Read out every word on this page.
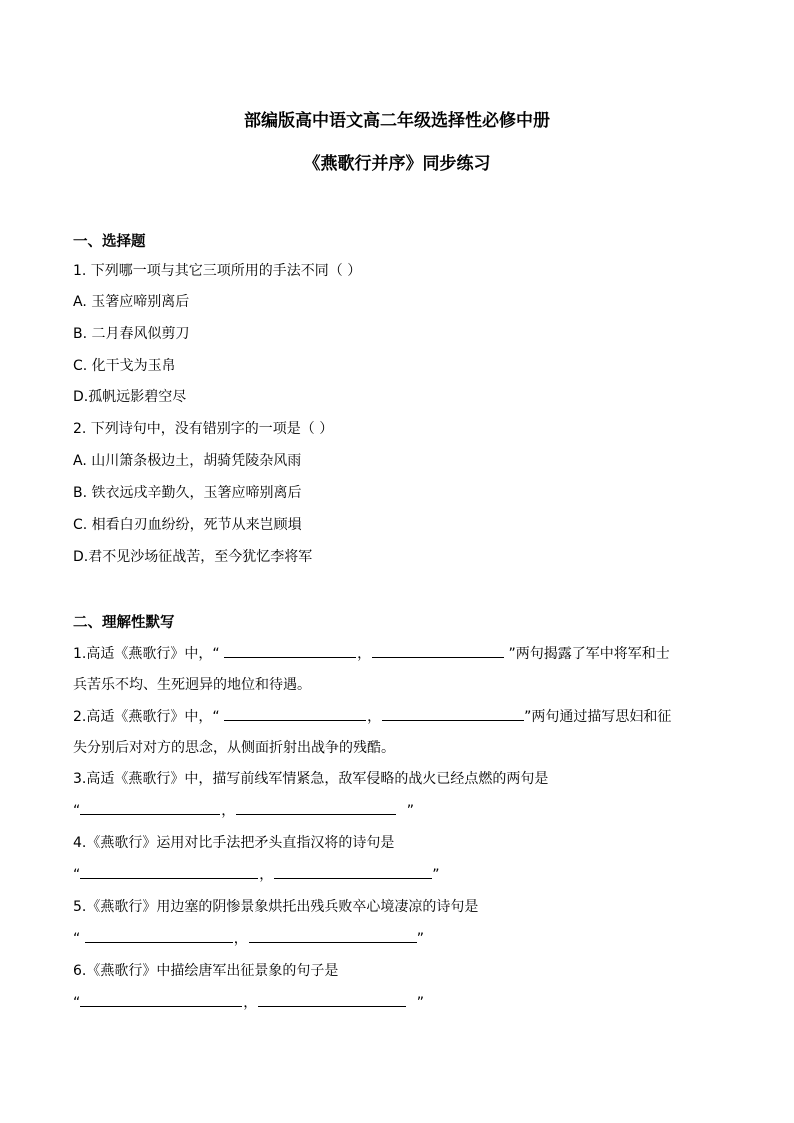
部编版高中语文高二年级选择性必修中册
《燕歌行并序》同步练习
一、选择题
1. 下列哪一项与其它三项所用的手法不同（ ）
A. 玉箸应啼别离后
B. 二月春风似剪刀
C. 化干戈为玉帛
D.孤帆远影碧空尽
2. 下列诗句中，没有错别字的一项是（ ）
A. 山川箫条极边土，胡骑凭陵杂风雨
B. 铁衣远戌辛勤久，玉箸应啼别离后
C. 相看白刃血纷纷，死节从来岂顾塤
D.君不见沙场征战苦，至今犹忆李将军
二、理解性默写
1.高适《燕歌行》中，“	，	”两句揭露了军中将军和士
兵苦乐不均、生死迥异的地位和待遇。
2.高适《燕歌行》中，“	，	”两句通过描写思妇和征
失分别后对对方的思念，从侧面折射出战争的残酷。
3.高适《燕歌行》中，描写前线军情紧急，敌军侵略的战火已经点燃的两句是
“	，	”
4.《燕歌行》运用对比手法把矛头直指汉将的诗句是
“	，	”
5.《燕歌行》用边塞的阴惨景象烘托出残兵败卒心境凄凉的诗句是
“	，	”
6.《燕歌行》中描绘唐军出征景象的句子是
“	，	”
